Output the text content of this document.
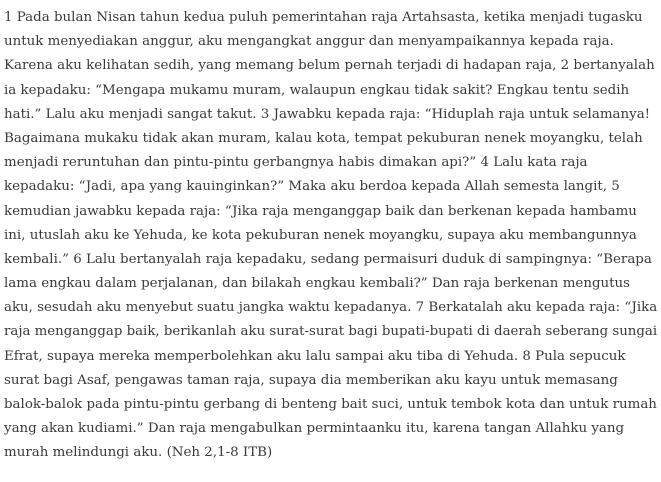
1 Pada bulan Nisan tahun kedua puluh pemerintahan raja Artahsasta, ketika menjadi tugasku
untuk menyediakan anggur, aku mengangkat anggur dan menyampaikannya kepada raja.
Karena aku kelihatan sedih, yang memang belum pernah terjadi di hadapan raja, 2 bertanyalah
ia kepadaku: “Mengapa mukamu muram, walaupun engkau tidak sakit? Engkau tentu sedih
hati.” Lalu aku menjadi sangat takut. 3 Jawabku kepada raja: “Hiduplah raja untuk selamanya!
Bagaimana mukaku tidak akan muram, kalau kota, tempat pekuburan nenek moyangku, telah
menjadi reruntuhan dan pintu-pintu gerbangnya habis dimakan api?” 4 Lalu kata raja
kepadaku: “Jadi, apa yang kauinginkan?” Maka aku berdoa kepada Allah semesta langit, 5
kemudian jawabku kepada raja: “Jika raja menganggap baik dan berkenan kepada hambamu
ini, utuslah aku ke Yehuda, ke kota pekuburan nenek moyangku, supaya aku membangunnya
kembali.” 6 Lalu bertanyalah raja kepadaku, sedang permaisuri duduk di sampingnya: “Berapa
lama engkau dalam perjalanan, dan bilakah engkau kembali?” Dan raja berkenan mengutus
aku, sesudah aku menyebut suatu jangka waktu kepadanya. 7 Berkatalah aku kepada raja: “Jika
raja menganggap baik, berikanlah aku surat-surat bagi bupati-bupati di daerah seberang sungai
Efrat, supaya mereka memperbolehkan aku lalu sampai aku tiba di Yehuda. 8 Pula sepucuk
surat bagi Asaf, pengawas taman raja, supaya dia memberikan aku kayu untuk memasang
balok-balok pada pintu-pintu gerbang di benteng bait suci, untuk tembok kota dan untuk rumah
yang akan kudiami.” Dan raja mengabulkan permintaanku itu, karena tangan Allahku yang
murah melindungi aku. (Neh 2,1-8 ITB)
